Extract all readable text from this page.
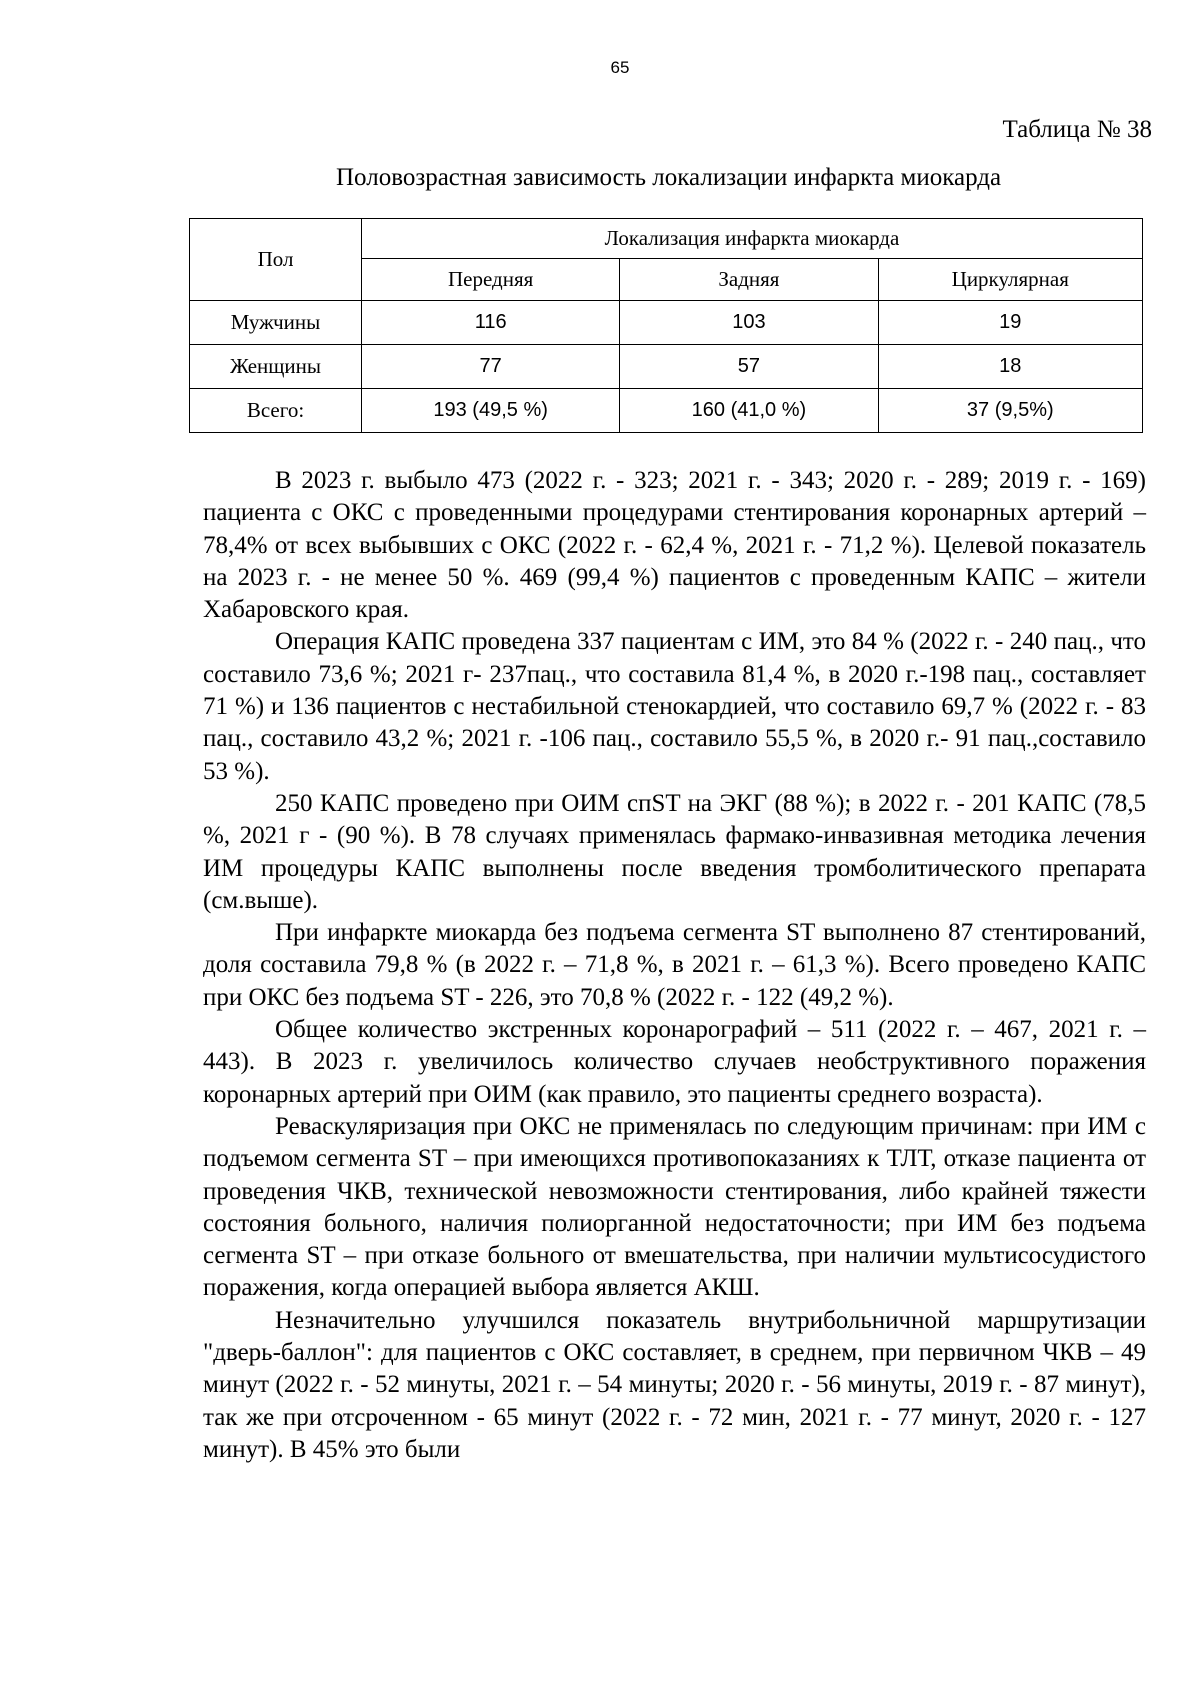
65
Таблица № 38
Половозрастная зависимость локализации инфаркта миокарда
Пол	Локализация инфаркта миокарда		
	Передняя	Задняя	Циркулярная
Мужчины	116	103	19
Женщины	77	57	18
Всего:	193 (49,5 %)	160 (41,0 %)	37 (9,5%)

В 2023 г. выбыло 473 (2022 г. - 323; 2021 г. - 343; 2020 г. - 289; 2019 г. - 169) пациента с ОКС с проведенными процедурами стентирования коронарных артерий – 78,4% от всех выбывших с ОКС (2022 г. - 62,4 %, 2021 г. - 71,2 %). Целевой показатель на 2023 г. - не менее 50 %. 469 (99,4 %) пациентов с проведенным КАПС – жители Хабаровского края.

Операция КАПС проведена 337 пациентам с ИМ, это 84 % (2022 г. - 240 пац., что составило 73,6 %; 2021 г- 237пац., что составила 81,4 %, в 2020 г.-198 пац., составляет 71 %) и 136 пациентов с нестабильной стенокардией, что составило 69,7 % (2022 г. - 83 пац., составило 43,2 %; 2021 г. -106 пац., составило 55,5 %, в 2020 г.- 91 пац.,составило 53 %).

250 КАПС проведено при ОИМ спST на ЭКГ (88 %); в 2022 г. - 201 КАПС (78,5 %, 2021 г - (90 %). В 78 случаях применялась фармако-инвазивная методика лечения ИМ процедуры КАПС выполнены после введения тромболитического препарата (см.выше).

При инфаркте миокарда без подъема сегмента ST выполнено 87 стентирований, доля составила 79,8 % (в 2022 г. – 71,8 %, в 2021 г. – 61,3 %). Всего проведено КАПС при ОКС без подъема ST - 226, это 70,8 % (2022 г. - 122 (49,2 %).

Общее количество экстренных коронарографий – 511 (2022 г. – 467, 2021 г. – 443). В 2023 г. увеличилось количество случаев необструктивного поражения коронарных артерий при ОИМ (как правило, это пациенты среднего возраста).

Реваскуляризация при ОКС не применялась по следующим причинам: при ИМ с подъемом сегмента ST – при имеющихся противопоказаниях к ТЛТ, отказе пациента от проведения ЧКВ, технической невозможности стентирования, либо крайней тяжести состояния больного, наличия полиорганной недостаточности; при ИМ без подъема сегмента ST – при отказе больного от вмешательства, при наличии мультисосудистого поражения, когда операцией выбора является АКШ.

Незначительно улучшился показатель внутрибольничной маршрутизации "дверь-баллон": для пациентов с ОКС составляет, в среднем, при первичном ЧКВ – 49 минут (2022 г. - 52 минуты, 2021 г. – 54 минуты; 2020 г. - 56 минуты, 2019 г. - 87 минут), так же при отсроченном - 65 минут (2022 г. - 72 мин, 2021 г. - 77 минут, 2020 г. - 127 минут). В 45% это были
